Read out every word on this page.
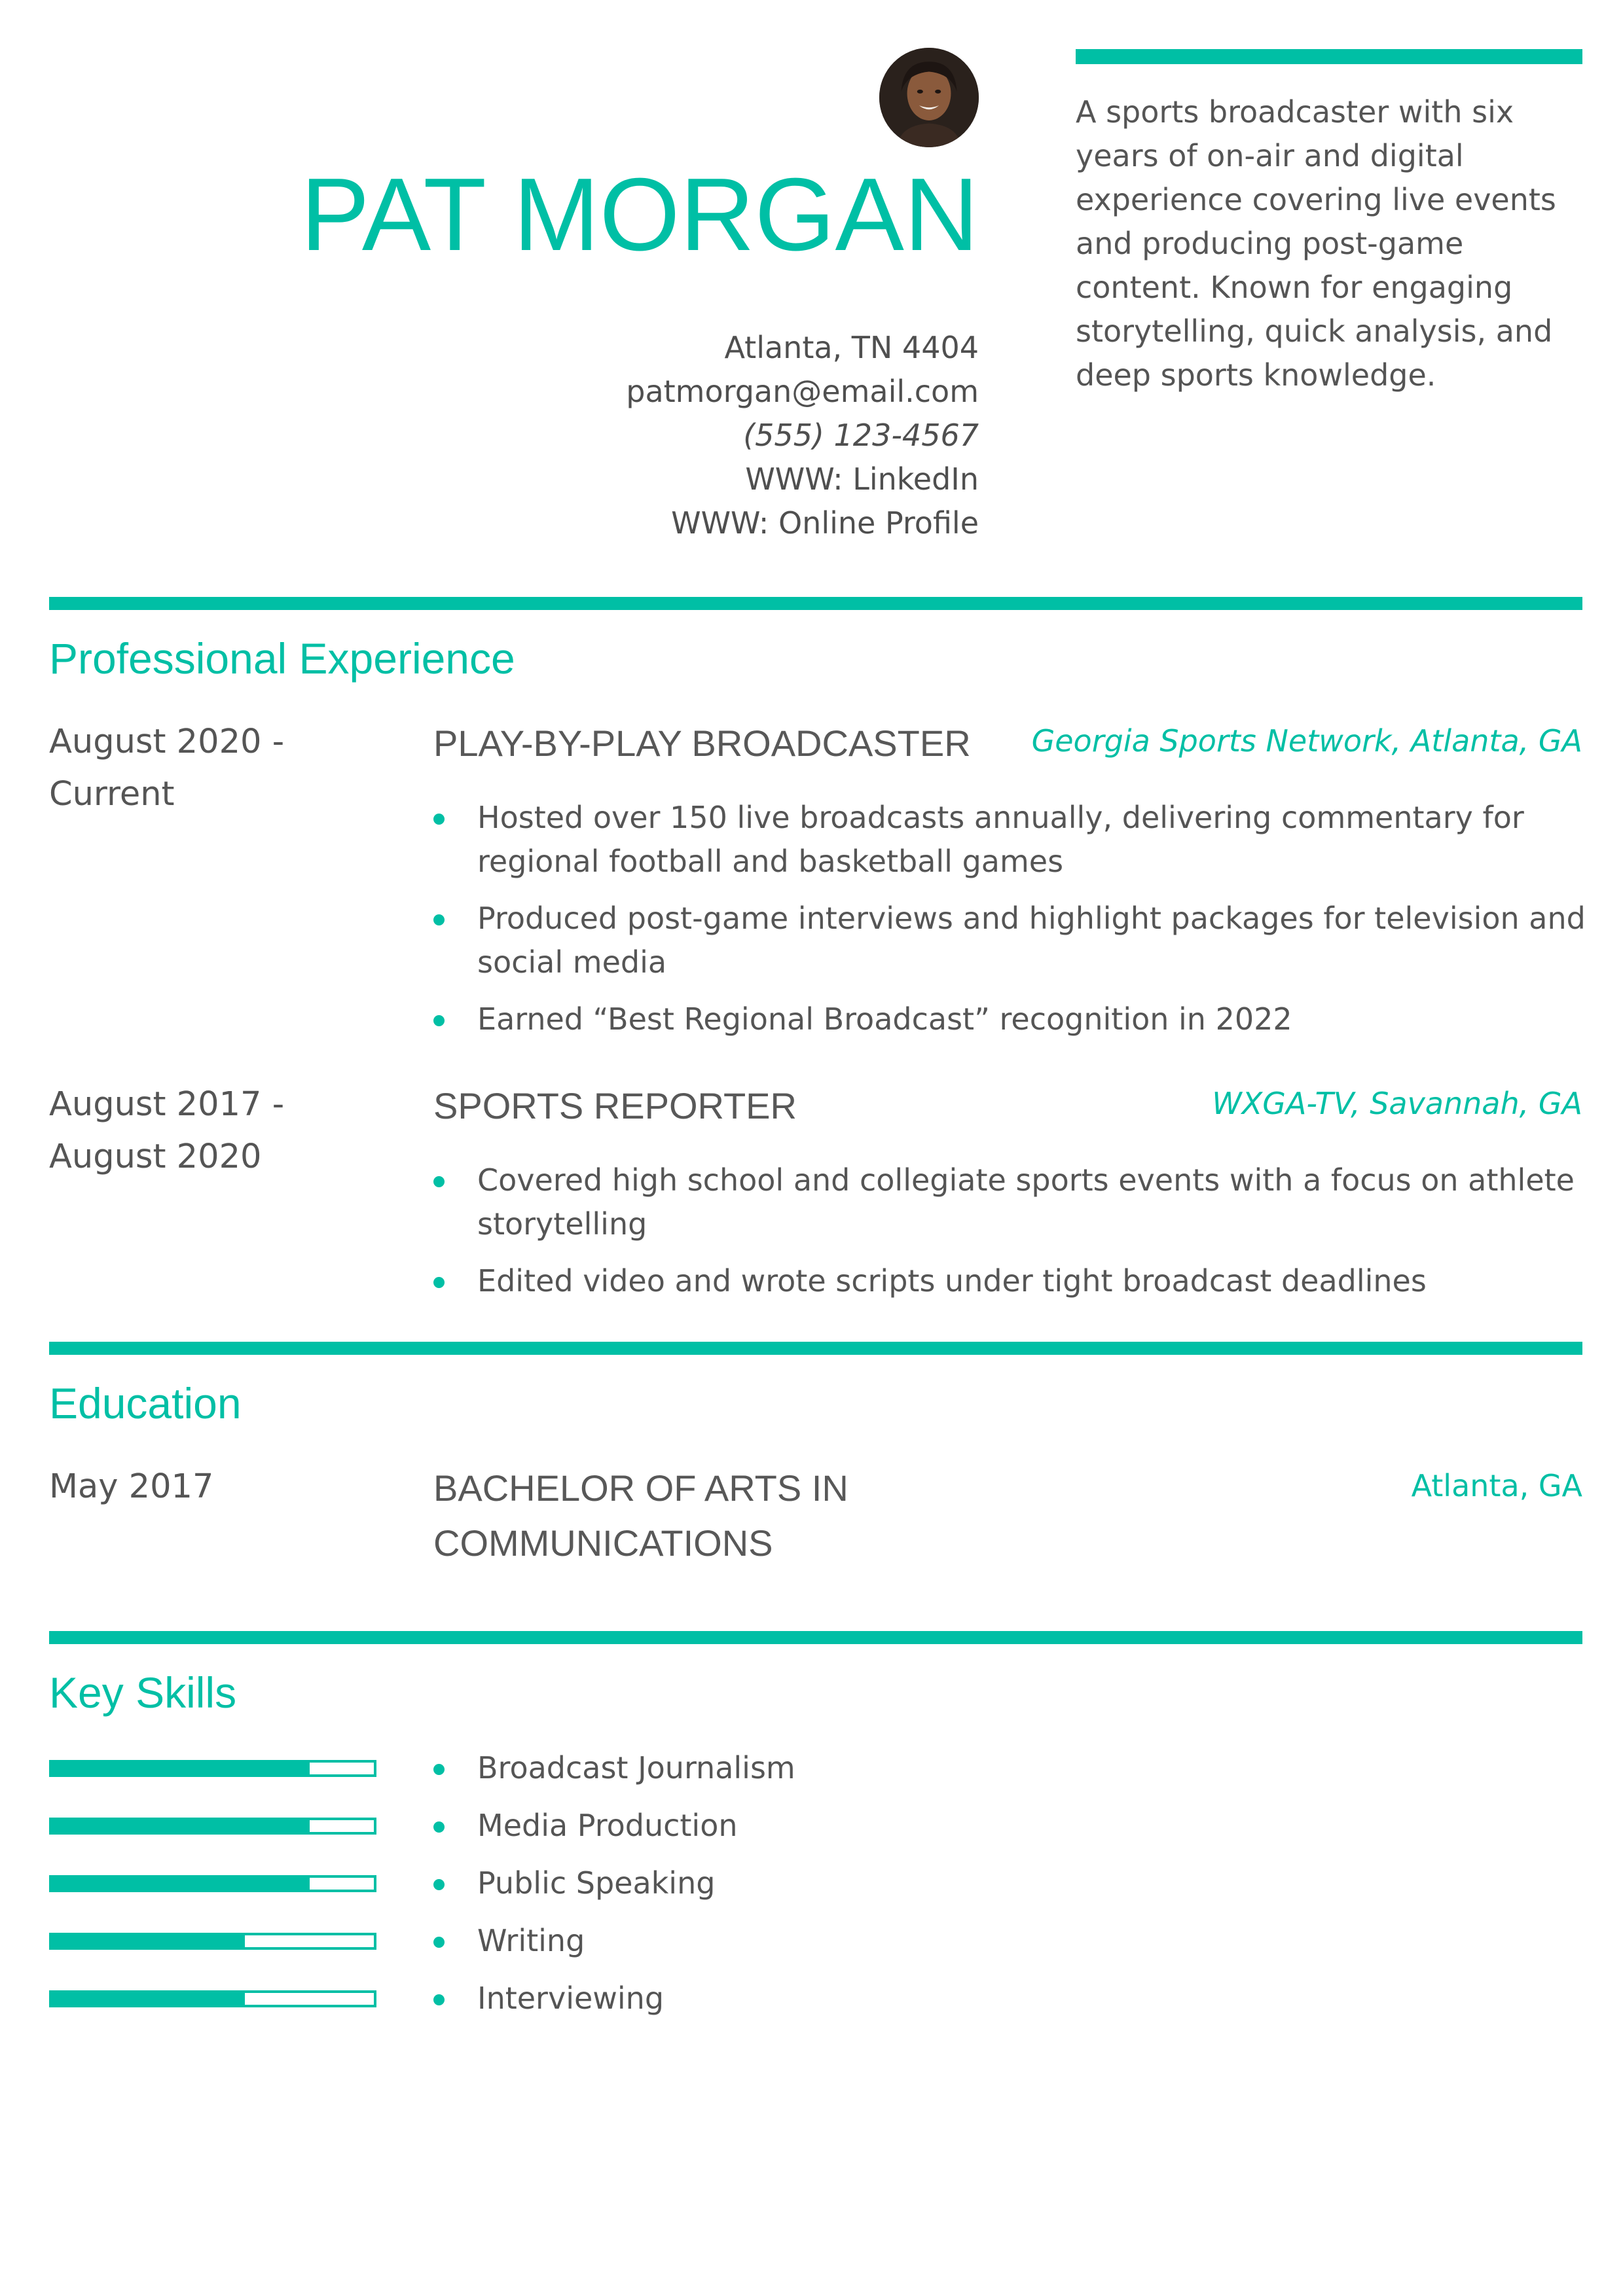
PAT MORGAN
Atlanta, TN 4404
patmorgan@email.com
(555) 123-4567
WWW: LinkedIn
WWW: Online Profile
A sports broadcaster with six years of on-air and digital experience covering live events and producing post-game content. Known for engaging storytelling, quick analysis, and deep sports knowledge.
Professional Experience
August 2020 -
Current
PLAY-BY-PLAY BROADCASTER Georgia Sports Network, Atlanta, GA
Hosted over 150 live broadcasts annually, delivering commentary for regional football and basketball games
Produced post-game interviews and highlight packages for television and social media
Earned “Best Regional Broadcast” recognition in 2022
August 2017 -
August 2020
SPORTS REPORTER	WXGA-TV, Savannah, GA
Covered high school and collegiate sports events with a focus on athlete storytelling
Edited video and wrote scripts under tight broadcast deadlines
Education
May 2017	BACHELOR OF ARTS IN
COMMUNICATIONS
Atlanta, GA
Key Skills
Broadcast Journalism
Media Production
Public Speaking
Writing
Interviewing
